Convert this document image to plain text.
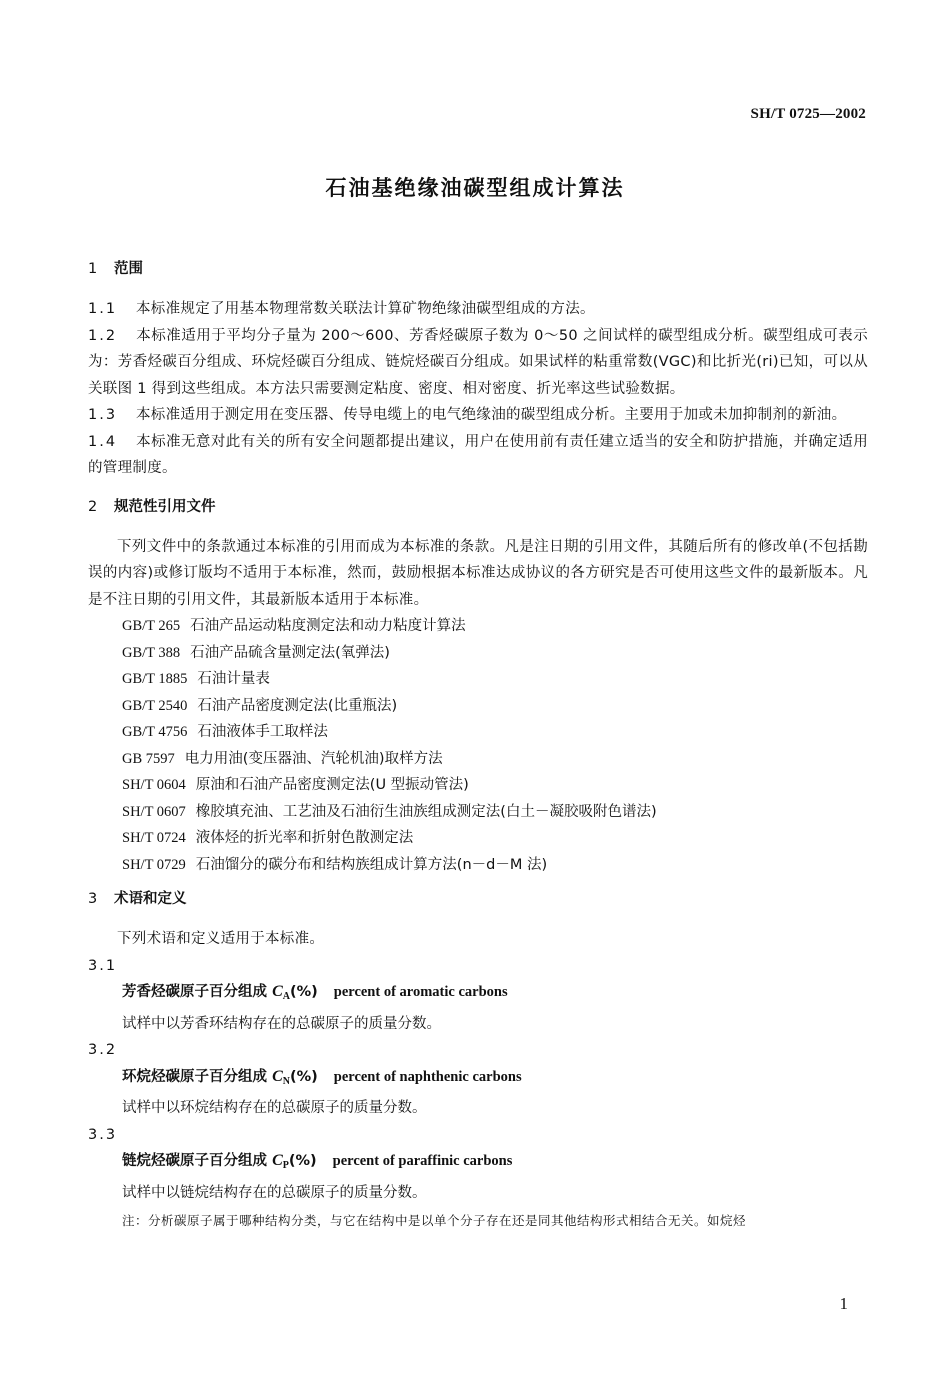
SH/T 0725—2002
石油基绝缘油碳型组成计算法
1 范围

1.1 本标准规定了用基本物理常数关联法计算矿物绝缘油碳型组成的方法。

1.2 本标准适用于平均分子量为 200～600、芳香烃碳原子数为 0～50 之间试样的碳型组成分析。碳型组成可表示为：芳香烃碳百分组成、环烷烃碳百分组成、链烷烃碳百分组成。如果试样的粘重常数(VGC)和比折光(ri)已知，可以从关联图 1 得到这些组成。本方法只需要测定粘度、密度、相对密度、折光率这些试验数据。

1.3 本标准适用于测定用在变压器、传导电缆上的电气绝缘油的碳型组成分析。主要用于加或未加抑制剂的新油。

1.4 本标准无意对此有关的所有安全问题都提出建议，用户在使用前有责任建立适当的安全和防护措施，并确定适用的管理制度。

2 规范性引用文件

下列文件中的条款通过本标准的引用而成为本标准的条款。凡是注日期的引用文件，其随后所有的修改单(不包括勘误的内容)或修订版均不适用于本标准，然而，鼓励根据本标准达成协议的各方研究是否可使用这些文件的最新版本。凡是不注日期的引用文件，其最新版本适用于本标准。

GB/T 265 石油产品运动粘度测定法和动力粘度计算法
GB/T 388 石油产品硫含量测定法(氧弹法)
GB/T 1885 石油计量表
GB/T 2540 石油产品密度测定法(比重瓶法)
GB/T 4756 石油液体手工取样法
GB 7597 电力用油(变压器油、汽轮机油)取样方法
SH/T 0604 原油和石油产品密度测定法(U 型振动管法)
SH/T 0607 橡胶填充油、工艺油及石油衍生油族组成测定法(白土－凝胶吸附色谱法)
SH/T 0724 液体烃的折光率和折射色散测定法
SH/T 0729 石油馏分的碳分布和结构族组成计算方法(n－d－M 法)
3 术语和定义

下列术语和定义适用于本标准。

3.1

芳香烃碳原子百分组成 $C_A(\%)$ percent of aromatic carbons
试样中以芳香环结构存在的总碳原子的质量分数。

3.2

环烷烃碳原子百分组成 $C_N(\%)$ percent of naphthenic carbons
试样中以环烷结构存在的总碳原子的质量分数。

3.3

链烷烃碳原子百分组成 $C_P(\%)$ percent of paraffinic carbons
试样中以链烷结构存在的总碳原子的质量分数。
注：分析碳原子属于哪种结构分类，与它在结构中是以单个分子存在还是同其他结构形式相结合无关。如烷烃
1
